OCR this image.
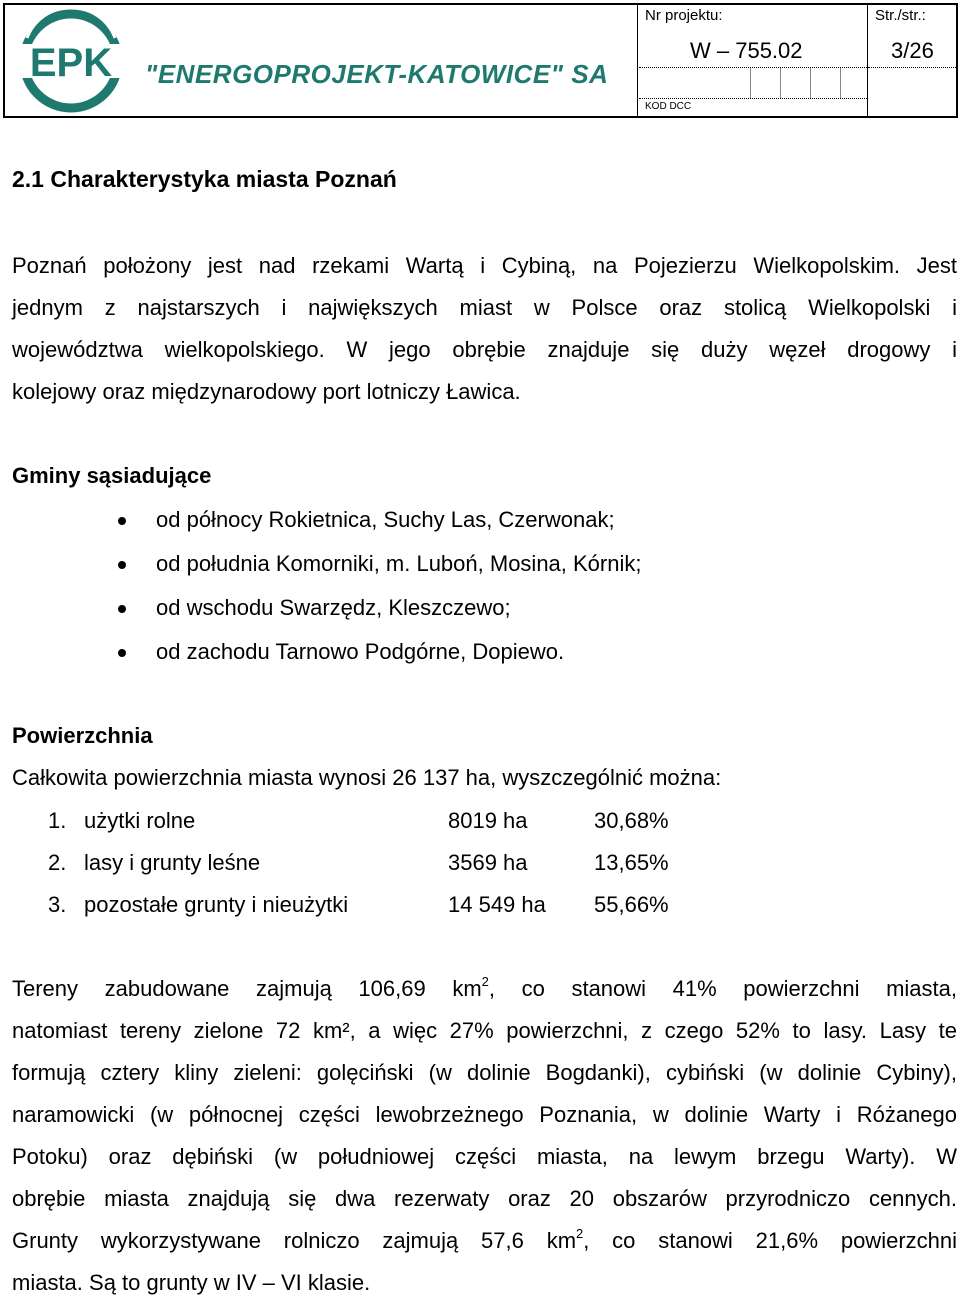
EPK "ENERGOPROJEKT-KATOWICE" SA
Nr projektu:
W – 755.02
KOD DCC
Str./str.:
3/26
2.1 Charakterystyka miasta Poznań
Poznań położony jest nad rzekami Wartą i Cybiną, na Pojezierzu Wielkopolskim. Jest
jednym z najstarszych i największych miast w Polsce oraz stolicą Wielkopolski i
województwa wielkopolskiego. W jego obrębie znajduje się duży węzeł drogowy i
kolejowy oraz międzynarodowy port lotniczy Ławica.
Gminy sąsiadujące
od północy Rokietnica, Suchy Las, Czerwonak;
od południa Komorniki, m. Luboń, Mosina, Kórnik;
od wschodu Swarzędz, Kleszczewo;
od zachodu Tarnowo Podgórne, Dopiewo.
Powierzchnia
Całkowita powierzchnia miasta wynosi 26 137 ha, wyszczególnić można:
1. użytki rolne	8019 ha	30,68%
2. lasy i grunty leśne	3569 ha	13,65%
3. pozostałe grunty i nieużytki	14 549 ha 55,66%
Tereny zabudowane zajmują 106,69 $km^2$, co stanowi 41% powierzchni miasta,
natomiast tereny zielone 72 km², a więc 27% powierzchni, z czego 52% to lasy. Lasy te
formują cztery kliny zieleni: golęciński (w dolinie Bogdanki), cybiński (w dolinie Cybiny),
naramowicki (w północnej części lewobrzeżnego Poznania, w dolinie Warty i Różanego
Potoku) oraz dębiński (w południowej części miasta, na lewym brzegu Warty). W
obrębie miasta znajdują się dwa rezerwaty oraz 20 obszarów przyrodniczo cennych.
Grunty wykorzystywane rolniczo zajmują 57,6 $km^2$, co stanowi 21,6% powierzchni
miasta. Są to grunty w IV – VI klasie.
